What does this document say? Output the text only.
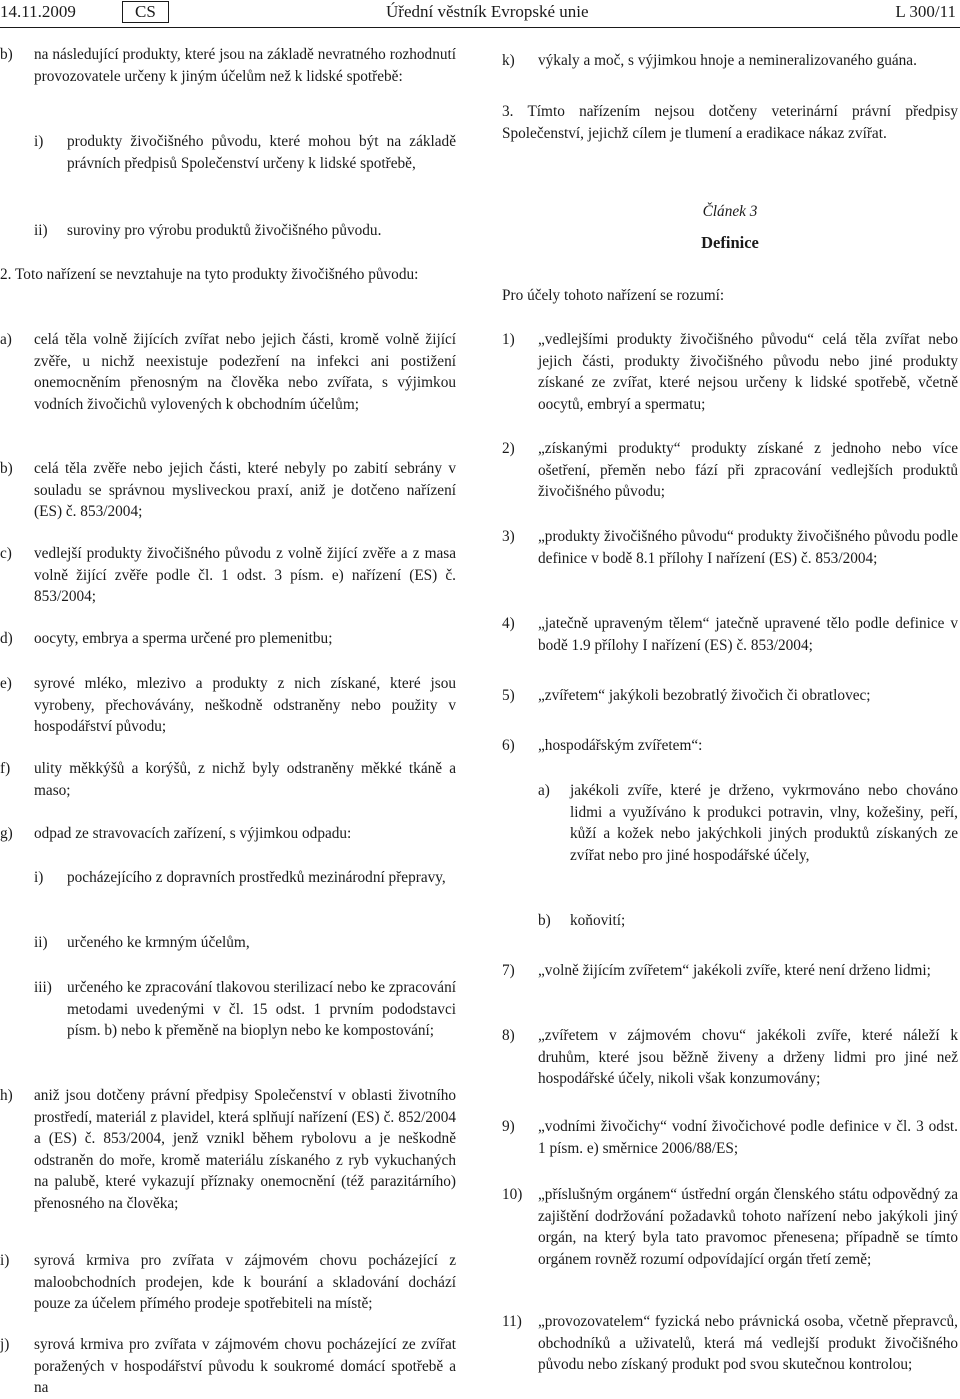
14.11.2009	CS	Úřední věstník Evropské unie	L 300/11
b) na následující produkty, které jsou na základě nevratného rozhodnutí provozovatele určeny k jiným účelům než k lidské spotřebě:
i) produkty živočišného původu, které mohou být na základě právních předpisů Společenství určeny k lidské spotřebě,
ii) suroviny pro výrobu produktů živočišného původu.
2. Toto nařízení se nevztahuje na tyto produkty živočišného původu:
a) celá těla volně žijících zvířat nebo jejich části, kromě volně žijící zvěře, u nichž neexistuje podezření na infekci ani postižení onemocněním přenosným na člověka nebo zvířata, s výjimkou vodních živočichů vylovených k obchodním účelům;
b) celá těla zvěře nebo jejich části, které nebyly po zabití sebrány v souladu se správnou mysliveckou praxí, aniž je dotčeno nařízení (ES) č. 853/2004;
c) vedlejší produkty živočišného původu z volně žijící zvěře a z masa volně žijící zvěře podle čl. 1 odst. 3 písm. e) nařízení (ES) č. 853/2004;
d) oocyty, embrya a sperma určené pro plemenitbu;
e) syrové mléko, mlezivo a produkty z nich získané, které jsou vyrobeny, přechovávány, neškodně odstraněny nebo použity v hospodářství původu;
f) ulity měkkýšů a korýšů, z nichž byly odstraněny měkké tkáně a maso;
g) odpad ze stravovacích zařízení, s výjimkou odpadu:
i) pocházejícího z dopravních prostředků mezinárodní přepravy,
ii) určeného ke krmným účelům,
iii) určeného ke zpracování tlakovou sterilizací nebo ke zpracování metodami uvedenými v čl. 15 odst. 1 prvním pododstavci písm. b) nebo k přeměně na bioplyn nebo ke kompostování;
h) aniž jsou dotčeny právní předpisy Společenství v oblasti životního prostředí, materiál z plavidel, která splňují nařízení (ES) č. 852/2004 a (ES) č. 853/2004, jenž vznikl během rybolovu a je neškodně odstraněn do moře, kromě materiálu získaného z ryb vykuchaných na palubě, které vykazují příznaky onemocnění (též parazitárního) přenosného na člověka;
i) syrová krmiva pro zvířata v zájmovém chovu pocházející z maloobchodních prodejen, kde k bourání a skladování dochází pouze za účelem přímého prodeje spotřebiteli na místě;
j) syrová krmiva pro zvířata v zájmovém chovu pocházející ze zvířat poražených v hospodářství původu k soukromé domácí spotřebě a na
k) výkaly a moč, s výjimkou hnoje a nemineralizovaného guána.
3. Tímto nařízením nejsou dotčeny veterinární právní předpisy Společenství, jejichž cílem je tlumení a eradikace nákaz zvířat.
Článek 3
Definice
Pro účely tohoto nařízení se rozumí:
1) „vedlejšími produkty živočišného původu“ celá těla zvířat nebo jejich části, produkty živočišného původu nebo jiné produkty získané ze zvířat, které nejsou určeny k lidské spotřebě, včetně oocytů, embryí a spermatu;
2) „získanými produkty“ produkty získané z jednoho nebo více ošetření, přeměn nebo fází při zpracování vedlejších produktů živočišného původu;
3) „produkty živočišného původu“ produkty živočišného původu podle definice v bodě 8.1 přílohy I nařízení (ES) č. 853/2004;
4) „jatečně upraveným tělem“ jatečně upravené tělo podle definice v bodě 1.9 přílohy I nařízení (ES) č. 853/2004;
5) „zvířetem“ jakýkoli bezobratlý živočich či obratlovec;
6) „hospodářským zvířetem“:
a) jakékoli zvíře, které je drženo, vykrmováno nebo chováno lidmi a využíváno k produkci potravin, vlny, kožešiny, peří, kůží a kožek nebo jakýchkoli jiných produktů získaných ze zvířat nebo pro jiné hospodářské účely,
b) koňovití;
7) „volně žijícím zvířetem“ jakékoli zvíře, které není drženo lidmi;
8) „zvířetem v zájmovém chovu“ jakékoli zvíře, které náleží k druhům, které jsou běžně živeny a drženy lidmi pro jiné než hospodářské účely, nikoli však konzumovány;
9) „vodními živočichy“ vodní živočichové podle definice v čl. 3 odst. 1 písm. e) směrnice 2006/88/ES;
10) „příslušným orgánem“ ústřední orgán členského státu odpovědný za zajištění dodržování požadavků tohoto nařízení nebo jakýkoli jiný orgán, na který byla tato pravomoc přenesena; případně se tímto orgánem rovněž rozumí odpovídající orgán třetí země;
11) „provozovatelem“ fyzická nebo právnická osoba, včetně přepravců, obchodníků a uživatelů, která má vedlejší produkt živočišného původu nebo získaný produkt pod svou skutečnou kontrolou;
